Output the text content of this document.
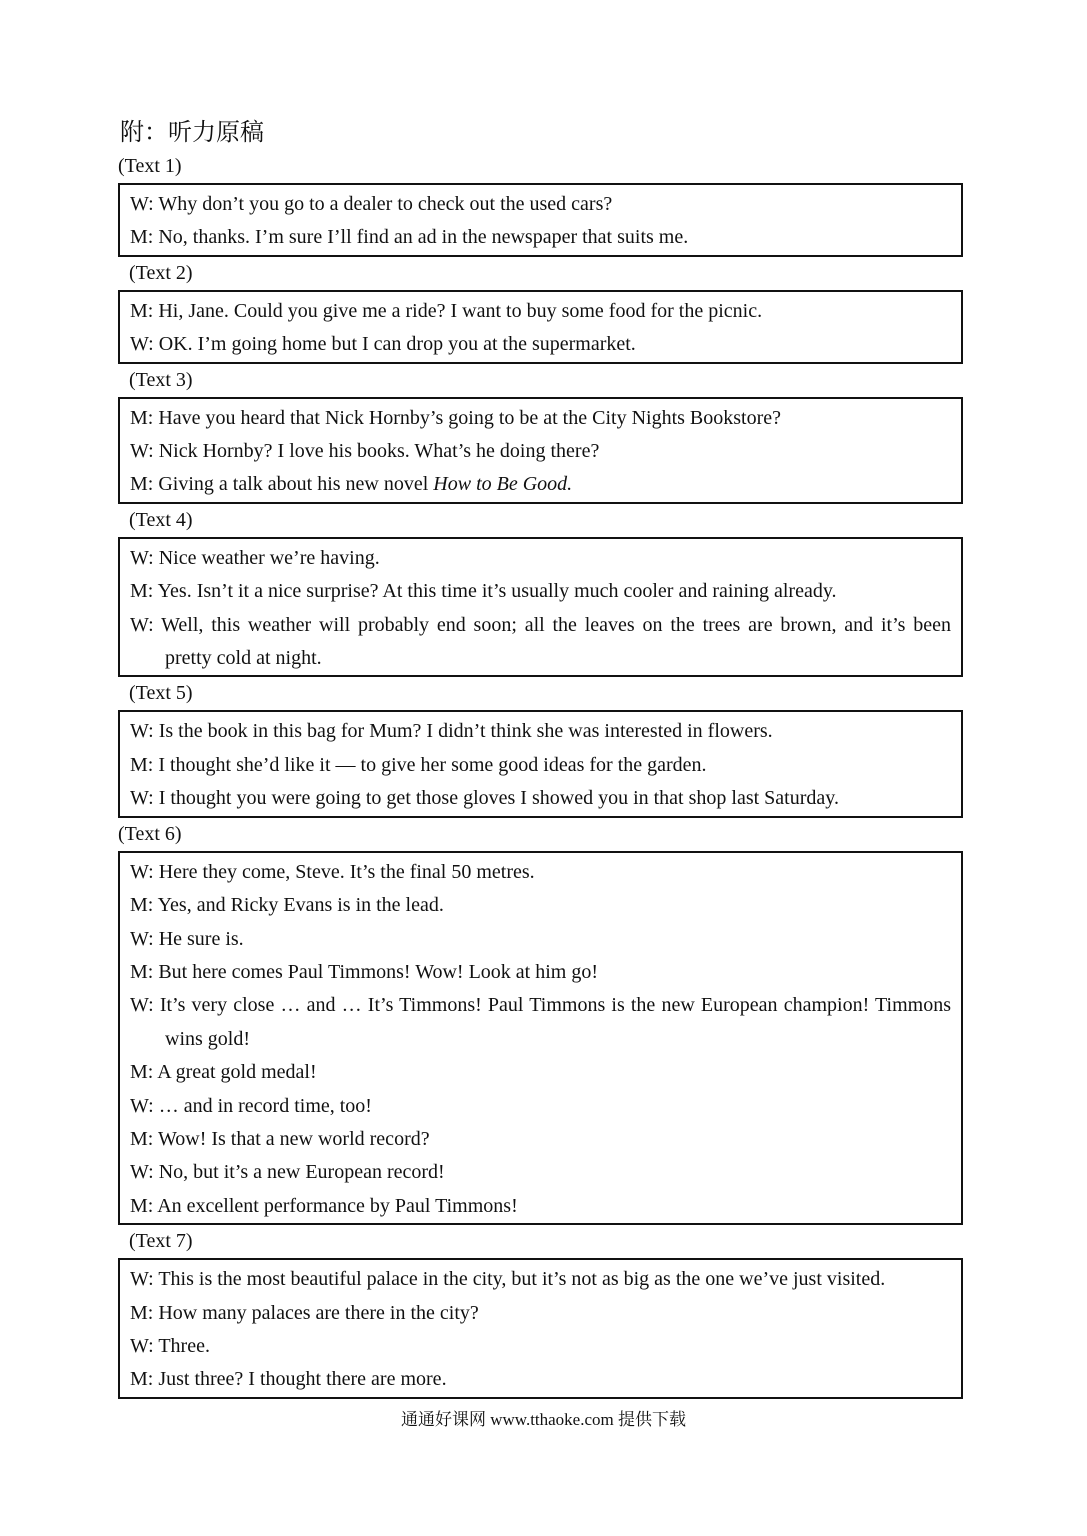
附：听力原稿
(Text 1)
W: Why don’t you go to a dealer to check out the used cars?
M: No, thanks. I’m sure I’ll find an ad in the newspaper that suits me.
(Text 2)
M: Hi, Jane. Could you give me a ride? I want to buy some food for the picnic.
W: OK. I’m going home but I can drop you at the supermarket.
(Text 3)
M: Have you heard that Nick Hornby’s going to be at the City Nights Bookstore?
W: Nick Hornby? I love his books. What’s he doing there?
M: Giving a talk about his new novel How to Be Good.
(Text 4)
W: Nice weather we’re having.
M: Yes. Isn’t it a nice surprise? At this time it’s usually much cooler and raining already.
W: Well, this weather will probably end soon; all the leaves on the trees are brown, and it’s been pretty cold at night.
(Text 5)
W: Is the book in this bag for Mum? I didn’t think she was interested in flowers.
M: I thought she’d like it — to give her some good ideas for the garden.
W: I thought you were going to get those gloves I showed you in that shop last Saturday.
(Text 6)
W: Here they come, Steve. It’s the final 50 metres.
M: Yes, and Ricky Evans is in the lead.
W: He sure is.
M: But here comes Paul Timmons! Wow! Look at him go!
W: It’s very close … and … It’s Timmons! Paul Timmons is the new European champion! Timmons wins gold!
M: A great gold medal!
W: … and in record time, too!
M: Wow! Is that a new world record?
W: No, but it’s a new European record!
M: An excellent performance by Paul Timmons!
(Text 7)
W: This is the most beautiful palace in the city, but it’s not as big as the one we’ve just visited.
M: How many palaces are there in the city?
W: Three.
M: Just three? I thought there are more.
通通好课网 www.tthaoke.com 提供下载
